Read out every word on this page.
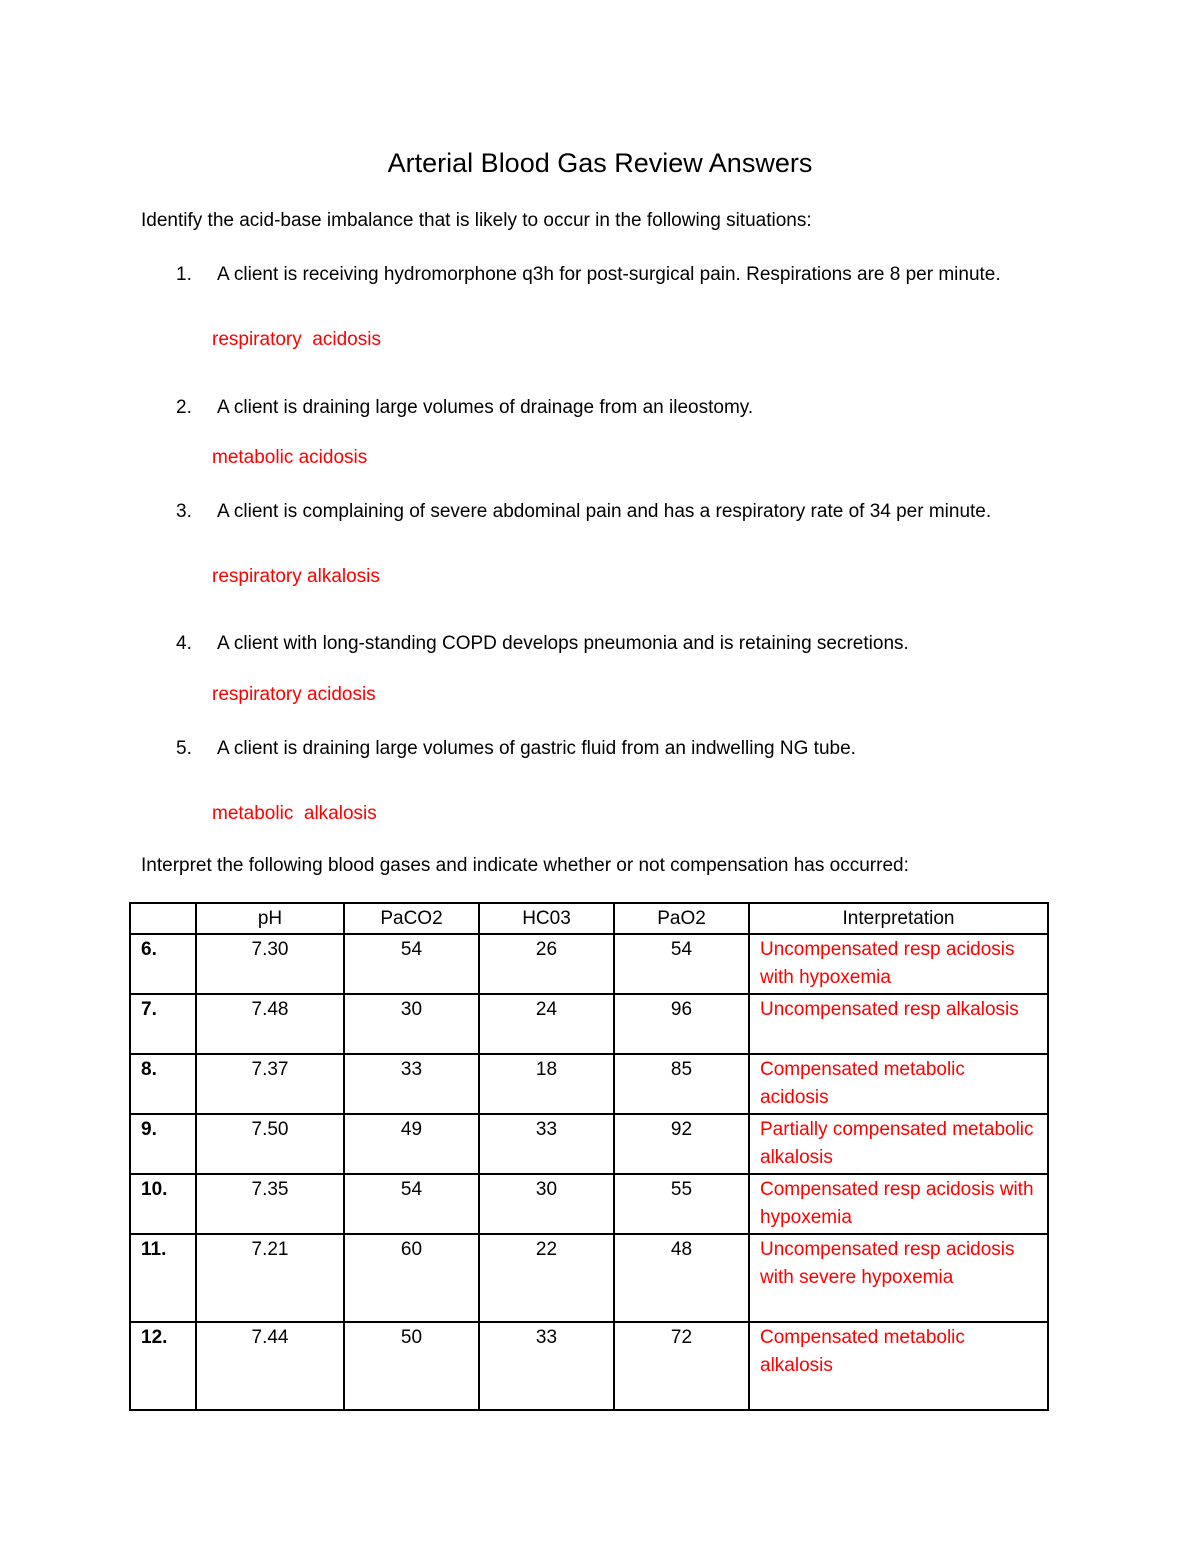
Arterial Blood Gas Review Answers
Identify the acid-base imbalance that is likely to occur in the following situations:
1.	A client is receiving hydromorphone q3h for post-surgical pain. Respirations are 8 per minute.
respiratory  acidosis
2.	A client is draining large volumes of drainage from an ileostomy.
metabolic acidosis
3.	A client is complaining of severe abdominal pain and has a respiratory rate of 34 per minute.
respiratory alkalosis
4.	A client with long-standing COPD develops pneumonia and is retaining secretions.
respiratory acidosis
5.	A client is draining large volumes of gastric fluid from an indwelling NG tube.
metabolic  alkalosis
Interpret the following blood gases and indicate whether or not compensation has occurred:
	pH	PaCO2	HC03	PaO2	Interpretation
6.	7.30	54	26	54	Uncompensated resp acidosis with hypoxemia
7.	7.48	30	24	96	Uncompensated resp alkalosis
8.	7.37	33	18	85	Compensated metabolic acidosis
9.	7.50	49	33	92	Partially compensated metabolic alkalosis
10.	7.35	54	30	55	Compensated resp acidosis with hypoxemia
11.	7.21	60	22	48	Uncompensated resp acidosis with severe hypoxemia
12.	7.44	50	33	72	Compensated metabolic alkalosis
